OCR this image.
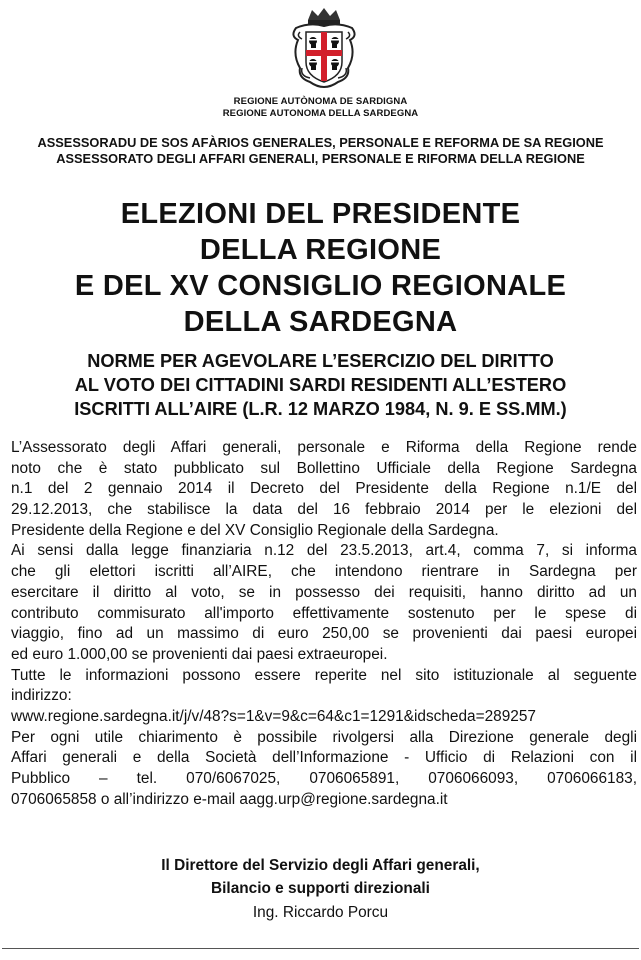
REGIONE AUTÒNOMA DE SARDIGNA
REGIONE AUTONOMA DELLA SARDEGNA
ASSESSORADU DE SOS AFÀRIOS GENERALES, PERSONALE E REFORMA DE SA REGIONE
ASSESSORATO DEGLI AFFARI GENERALI, PERSONALE E RIFORMA DELLA REGIONE
ELEZIONI DEL PRESIDENTE
DELLA REGIONE
E DEL XV CONSIGLIO REGIONALE
DELLA SARDEGNA
NORME PER AGEVOLARE L’ESERCIZIO DEL DIRITTO
AL VOTO DEI CITTADINI SARDI RESIDENTI ALL’ESTERO
ISCRITTI ALL’AIRE (L.R. 12 MARZO 1984, N. 9. E SS.MM.)
L’Assessorato degli Affari generali, personale e Riforma della Regione rende
noto che è stato pubblicato sul Bollettino Ufficiale della Regione Sardegna
n.1 del 2 gennaio 2014 il Decreto del Presidente della Regione n.1/E del
29.12.2013, che stabilisce la data del 16 febbraio 2014 per le elezioni del
Presidente della Regione e del XV Consiglio Regionale della Sardegna.
Ai sensi dalla legge finanziaria n.12 del 23.5.2013, art.4, comma 7, si informa
che gli elettori iscritti all’AIRE, che intendono rientrare in Sardegna per
esercitare il diritto al voto, se in possesso dei requisiti, hanno diritto ad un
contributo commisurato all'importo effettivamente sostenuto per le spese di
viaggio, fino ad un massimo di euro 250,00 se provenienti dai paesi europei
ed euro 1.000,00 se provenienti dai paesi extraeuropei.
Tutte le informazioni possono essere reperite nel sito istituzionale al seguente
indirizzo:
www.regione.sardegna.it/j/v/48?s=1&v=9&c=64&c1=1291&idscheda=289257
Per ogni utile chiarimento è possibile rivolgersi alla Direzione generale degli
Affari generali e della Società dell’Informazione - Ufficio di Relazioni con il
Pubblico – tel. 070/6067025, 0706065891, 0706066093, 0706066183,
0706065858 o all’indirizzo e-mail aagg.urp@regione.sardegna.it
Il Direttore del Servizio degli Affari generali,
Bilancio e supporti direzionali
Ing. Riccardo Porcu
